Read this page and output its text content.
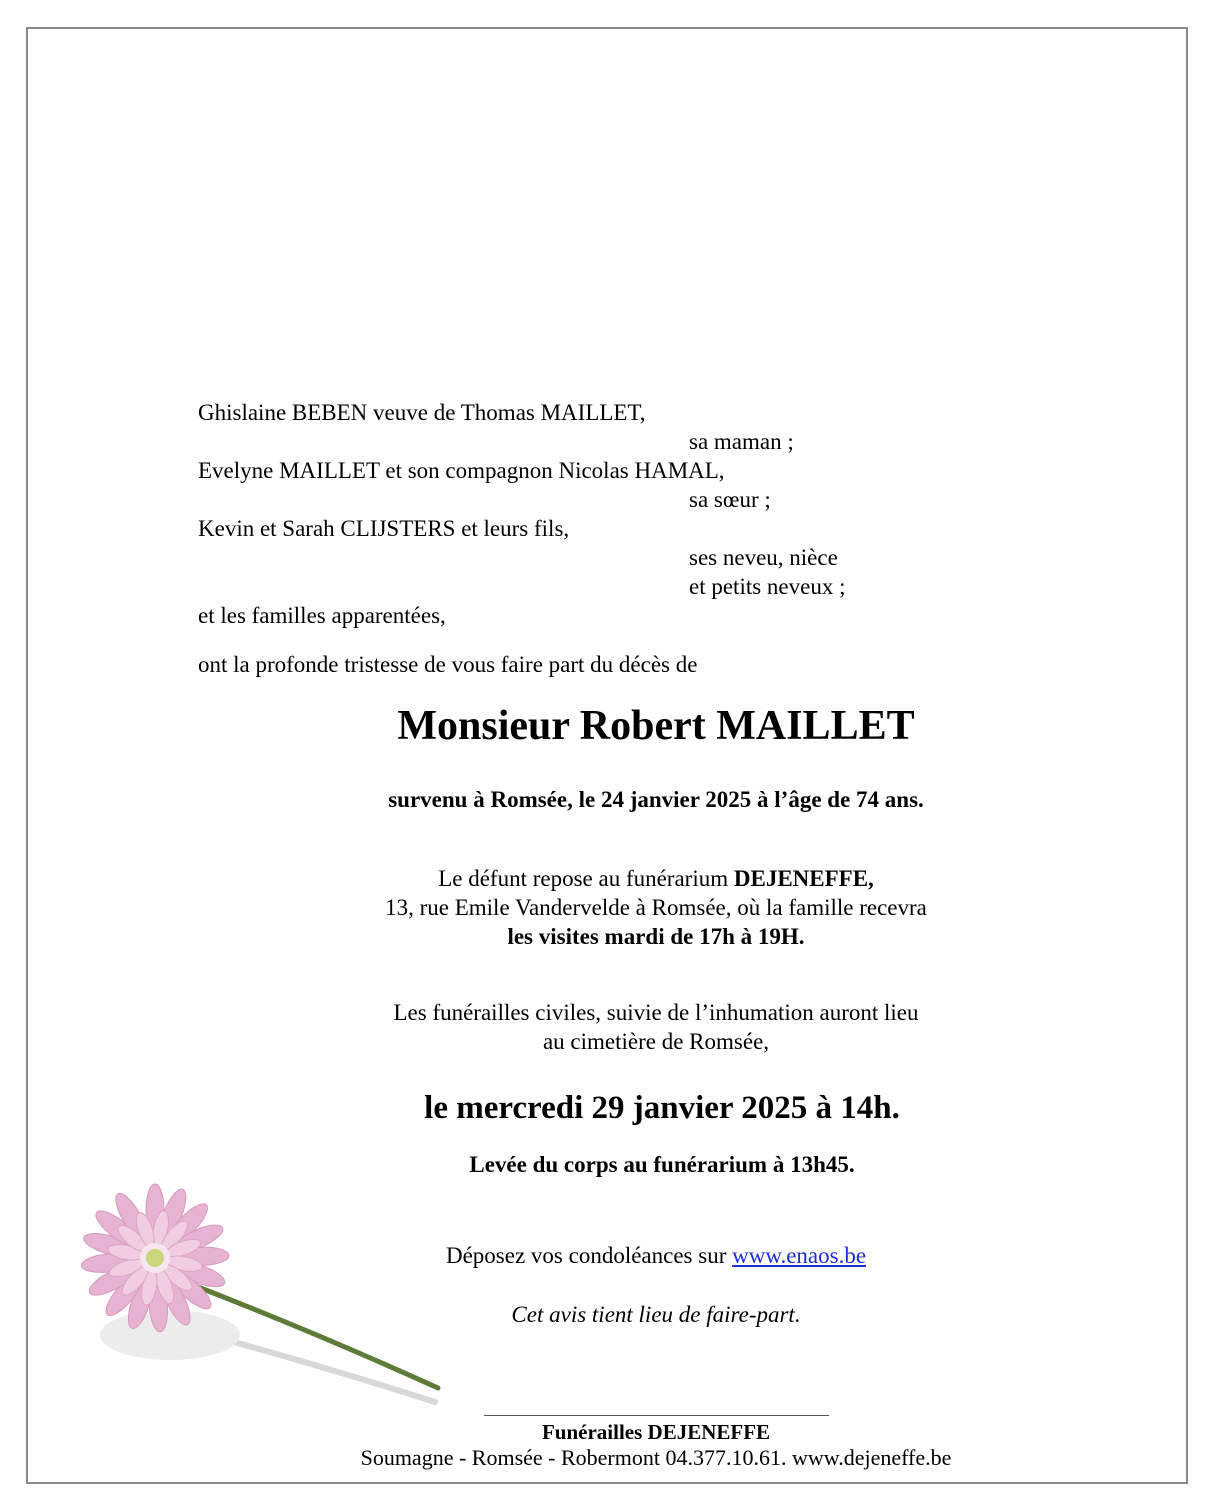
Ghislaine BEBEN veuve de Thomas MAILLET,
sa maman ;
Evelyne MAILLET et son compagnon Nicolas HAMAL,
sa sœur ;
Kevin et Sarah CLIJSTERS et leurs fils,
ses neveu, nièce
et petits neveux ;
et les familles apparentées,
ont la profonde tristesse de vous faire part du décès de
Monsieur Robert MAILLET
survenu à Romsée, le 24 janvier 2025 à l’âge de 74 ans.
Le défunt repose au funérarium DEJENEFFE,
13, rue Emile Vandervelde à Romsée, où la famille recevra
les visites mardi de 17h à 19H.
Les funérailles civiles, suivie de l’inhumation auront lieu
au cimetière de Romsée,
le mercredi 29 janvier 2025 à 14h.
Levée du corps au funérarium à 13h45.
Déposez vos condoléances sur www.enaos.be
Cet avis tient lieu de faire-part.
Funérailles DEJENEFFE
Soumagne - Romsée - Robermont 04.377.10.61. www.dejeneffe.be
